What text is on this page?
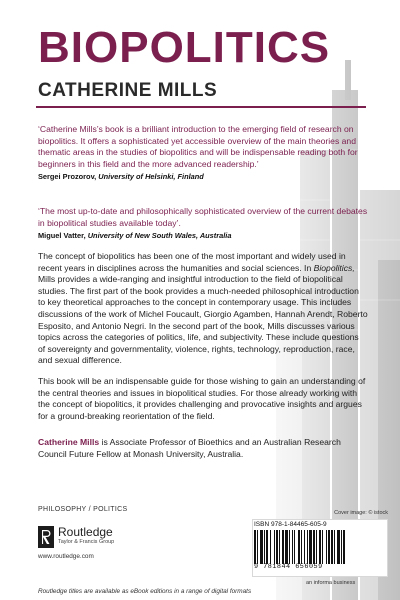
BIOPOLITICS
CATHERINE MILLS
‘Catherine Mills’s book is a brilliant introduction to the emerging field of research on biopolitics. It offers a sophisticated yet accessible overview of the main theories and thematic areas in the studies of biopolitics and will be indispensable reading both for beginners in this field and the more advanced readership.’
Sergei Prozorov, University of Helsinki, Finland
‘The most up-to-date and philosophically sophisticated overview of the current debates in biopolitical studies available today’.
Miguel Vatter, University of New South Wales, Australia

The concept of biopolitics has been one of the most important and widely used in recent years in disciplines across the humanities and social sciences. In Biopolitics, Mills provides a wide-ranging and insightful introduction to the field of biopolitical studies. The first part of the book provides a much-needed philosophical introduction to key theoretical approaches to the concept in contemporary usage. This includes discussions of the work of Michel Foucault, Giorgio Agamben, Hannah Arendt, Roberto Esposito, and Antonio Negri. In the second part of the book, Mills discusses various topics across the categories of politics, life, and subjectivity. These include questions of sovereignty and governmentality, violence, rights, technology, reproduction, race, and sexual difference.

This book will be an indispensable guide for those wishing to gain an understanding of the central theories and issues in biopolitical studies. For those already working with the concept of biopolitics, it provides challenging and provocative insights and argues for a ground-breaking reorientation of the field.

Catherine Mills is Associate Professor of Bioethics and an Australian Research Council Future Fellow at Monash University, Australia.
PHILOSOPHY / POLITICS
Routledge
Taylor & Francis Group
www.routledge.com
Cover image: © istock
ISBN 978-1-84465-605-9
9 781844 656059
an informa business
Routledge titles are available as eBook editions in a range of digital formats
